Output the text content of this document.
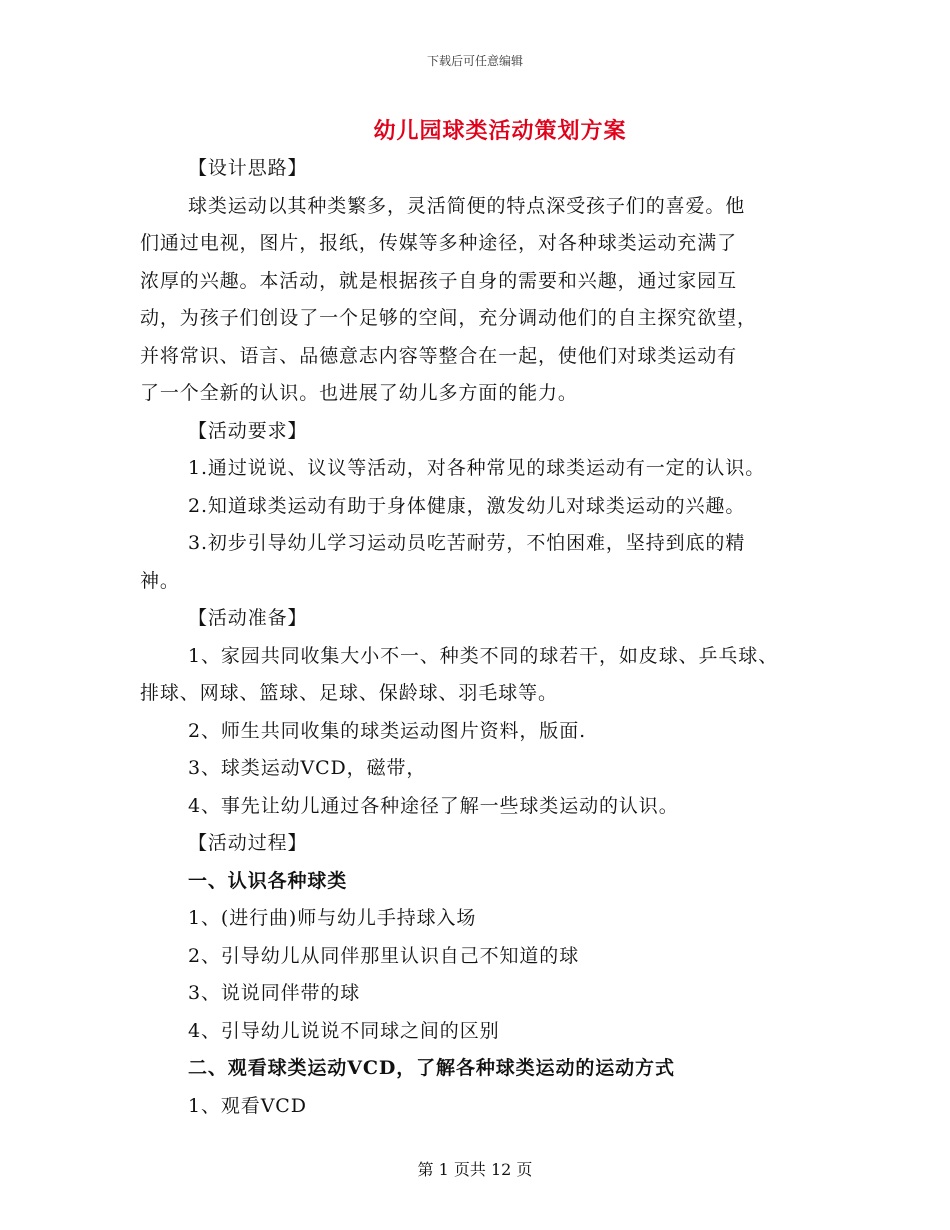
下载后可任意编辑
幼儿园球类活动策划方案
【设计思路】
球类运动以其种类繁多，灵活简便的特点深受孩子们的喜爱。他
们通过电视，图片，报纸，传媒等多种途径，对各种球类运动充满了
浓厚的兴趣。本活动，就是根据孩子自身的需要和兴趣，通过家园互
动，为孩子们创设了一个足够的空间，充分调动他们的自主探究欲望，
并将常识、语言、品德意志内容等整合在一起，使他们对球类运动有
了一个全新的认识。也进展了幼儿多方面的能力。
【活动要求】
1.通过说说、议议等活动，对各种常见的球类运动有一定的认识。
2.知道球类运动有助于身体健康，激发幼儿对球类运动的兴趣。
3.初步引导幼儿学习运动员吃苦耐劳，不怕困难，坚持到底的精
神。
【活动准备】
1、家园共同收集大小不一、种类不同的球若干，如皮球、乒乓球、
排球、网球、篮球、足球、保龄球、羽毛球等。
2、师生共同收集的球类运动图片资料，版面.
3、球类运动VCD，磁带，
4、事先让幼儿通过各种途径了解一些球类运动的认识。
【活动过程】
一、认识各种球类
1、(进行曲)师与幼儿手持球入场
2、引导幼儿从同伴那里认识自己不知道的球
3、说说同伴带的球
4、引导幼儿说说不同球之间的区别
二、观看球类运动VCD，了解各种球类运动的运动方式
1、观看VCD
第 1 页共 12 页
